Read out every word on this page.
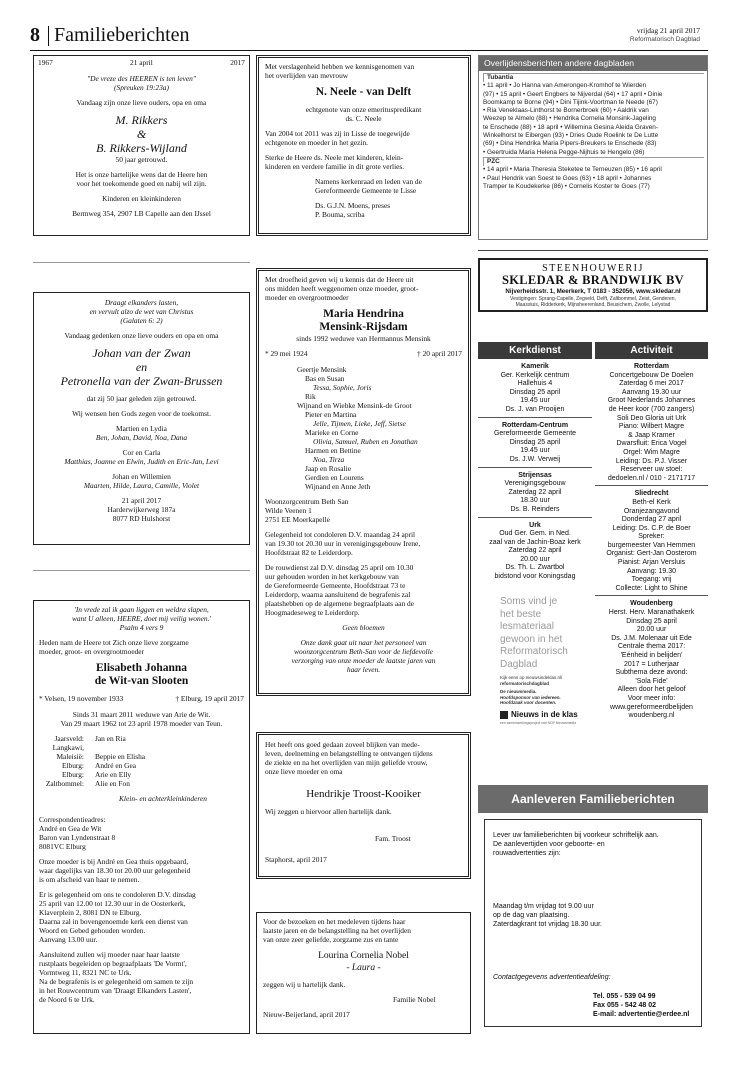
8 Familieberichten	vrijdag 21 april 2017
Reformatorisch Dagblad
1967	21 april	2017

"De vreze des HEEREN is ten leven"

(Spreuken 19:23a)

Vandaag zijn onze lieve ouders, opa en oma

M. Rikkers

&

B. Rikkers-Wijland

50 jaar getrouwd.

Het is onze hartelijke wens dat de Heere hen

voor het toekomende goed en nabij wil zijn.

Kinderen en kleinkinderen

Bermweg 354, 2907 LB Capelle aan den IJssel

Met verslagenheid hebben we kennisgenomen van

het overlijden van mevrouw

N. Neele - van Delft

echtgenote van onze emerituspredikant

ds. C. Neele

Van 2004 tot 2011 was zij in Lisse de toegewijde

echtgenote en moeder in het gezin.

Sterke de Heere ds. Neele met kinderen, klein-

kinderen en verdere familie in dit grote verlies.

Namens kerkenraad en leden van de

Gereformeerde Gemeente te Lisse

Ds. G.J.N. Moens, preses

P. Bouma, scriba

Draagt elkanders lasten,

en vervult alzo de wet van Christus

(Galaten 6: 2)

Vandaag gedenken onze lieve ouders en opa en oma

Johan van der Zwan

en

Petronella van der Zwan-Brussen

dat zij 50 jaar geleden zijn getrouwd.

Wij wensen hen Gods zegen voor de toekomst.

Martien en Lydia

Ben, Johan, David, Noa, Dana

Cor en Carla

Matthias, Joanne en Elwin, Judith en Eric-Jan, Levi

Johan en Willemien

Maarten, Hilde, Laura, Camille, Violet

21 april 2017

Harderwijkerweg 187a

8077 RD Hulshorst

Met droefheid geven wij u kennis dat de Heere uit

ons midden heeft weggenomen onze moeder, groot-

moeder en overgrootmoeder

Maria Hendrina

Mensink-Rijsdam

sinds 1992 weduwe van Hermannus Mensink

* 29 mei 1924	† 20 april 2017

Geertje Mensink

Bas en Susan

Tessa, Sophie, Joris

Rik

Wijnand en Wiebke Mensink-de Groot

Pieter en Martina

Jelle, Tijmen, Lieke, Jeff, Sietse

Marieke en Corne

Olivia, Samuel, Ruben en Jonathan

Harmen en Bettine

Noa, Tirza

Jaap en Rosalie

Gerdien en Lourens

Wijnand en Anne Jeth

Woonzorgcentrum Beth San

Wilde Veenen 1

2751 EE Moerkapelle

Gelegenheid tot condoleren D.V. maandag 24 april

van 19.30 tot 20.30 uur in verenigingsgebouw Irene,

Hoofdstraat 82 te Leiderdorp.

De rouwdienst zal D.V. dinsdag 25 april om 10.30

uur gehouden worden in het kerkgebouw van

de Gereformeerde Gemeente, Hoofdstraat 73 te

Leiderdorp, waarna aansluitend de begrafenis zal

plaatshebben op de algemene begraafplaats aan de

Hoogmadeseweg te Leiderdorp.

Geen bloemen

Onze dank gaat uit naar het personeel van

woonzorgcentrum Beth-San voor de liefdevolle

verzorging van onze moeder de laatste jaren van

haar leven.

'In vrede zal ik gaan liggen en weldra slapen,

want U alleen, HEERE, doet mij veilig wonen.'

Psalm 4 vers 9

Heden nam de Heere tot Zich onze lieve zorgzame

moeder, groot- en overgrootmoeder

Elisabeth Johanna

de Wit-van Slooten

* Velsen, 19 november 1933	† Elburg, 19 april 2017

Sinds 31 maart 2011 weduwe van Arie de Wit.

Van 29 maart 1962 tot 23 april 1978 moeder van Teun.

Jaarsveld: Jan en Ria
Langkawi,
Maleisië: Beppie en Elisha
Elburg: André en Gea
Elburg: Arie en Elly
Zaltbommel: Alie en Fon

Klein- en achterkleinkinderen

Correspondentieadres:

André en Gea de Wit

Baron van Lyndenstraat 8

8081VC Elburg

Onze moeder is bij André en Gea thuis opgebaard,

waar dagelijks van 18.30 tot 20.00 uur gelegenheid

is om afscheid van haar te nemen.

Er is gelegenheid om ons te condoleren D.V. dinsdag

25 april van 12.00 tot 12.30 uur in de Oosterkerk,

Klaverplein 2, 8081 DN te Elburg.

Daarna zal in bovengenoemde kerk een dienst van

Woord en Gebed gehouden worden.

Aanvang 13.00 uur.

Aansluitend zullen wij moeder naar haar laatste

rustplaats begeleiden op begraafplaats 'De Vormt',

Vormtweg 11, 8321 NC te Urk.

Na de begrafenis is er gelegenheid om samen te zijn

in het Rouwcentrum van 'Draagt Elkanders Lasten',

de Noord 6 te Urk.

Het heeft ons goed gedaan zoveel blijken van mede-

leven, deelneming en belangstelling te ontvangen tijdens

de ziekte en na het overlijden van mijn geliefde vrouw,

onze lieve moeder en oma

Hendrikje Troost-Kooiker

Wij zeggen u hiervoor allen hartelijk dank.

Fam. Troost

Staphorst, april 2017

Voor de bezoeken en het medeleven tijdens haar

laatste jaren en de belangstelling na het overlijden

van onze zeer geliefde, zorgzame zus en tante

Lourina Cornelia Nobel

- Laura -

zeggen wij u hartelijk dank.

Familie Nobel

Nieuw-Beijerland, april 2017

Overlijdensberichten andere dagbladen

Tubantia

• 11 april • Jo Hanna van Amerongen-Kromhof te Wierden

(97) • 15 april • Geert Engbers te Nijverdal (64) • 17 april • Dinie

Boomkamp te Borne (94) • Dini Tijink-Voortman te Neede (67)

• Ria Veneklaas-Linthorst te Bornerbroek (60) • Aaldrik van

Weezep te Almelo (88) • Hendrika Cornelia Monsink-Jageling

te Enschede (88) • 18 april • Willemina Gesina Aleida Graven-

Winkelhorst te Eibergen (93) • Dries Oude Roelink te De Lutte

(69) • Dina Hendrika Maria Pipers-Breukers te Enschede (83)

• Geertruida Maria Helena Pegge-Nijhuis te Hengelo (86)

PZC

• 14 april • Maria Theresia Steketee te Terneuzen (85) • 16 april

• Paul Hendrik van Soest te Goes (63) • 18 april • Johannes

Tramper te Koudekerke (86) • Cornelis Koster te Goes (77)

STEENHOUWERIJ
SKLEDAR & BRANDWIJK BV
Nijverheidsstr. 1, Meerkerk, T 0183 - 352056, www.skledar.nl
Vestigingen: Sprang-Capelle, Zegveld, Delft, Zaltbommel, Zeist, Genderen,
Maassluis, Ridderkerk, Mijnsheerenland, Beusichem, Zwolle, Lelystad
Kerkdienst

Kamerik

Ger. Kerkelijk centrum

Hallehuis 4

Dinsdag 25 april

19.45 uur

Ds. J. van Prooijen

Rotterdam-Centrum

Gereformeerde Gemeente

Dinsdag 25 april

19.45 uur

Ds. J.W. Verweij

Strijensas

Verenigingsgebouw

Zaterdag 22 april

18.30 uur

Ds. B. Reinders

Urk

Oud Ger. Gem. in Ned.

zaal van de Jachin-Boaz kerk

Zaterdag 22 april

20.00 uur

Ds. Th. L. Zwartbol

bidstond voor Koningsdag

Activiteit

Rotterdam

Concertgebouw De Doelen

Zaterdag 6 mei 2017

Aanvang 19.30 uur

Groot Nederlands Johannes

de Heer koor (700 zangers)

Soli Deo Gloria uit Urk

Piano: Wilbert Magre

& Jaap Kramer

Dwarsfluit: Erica Vogel

Orgel: Wim Magre

Leiding: Ds. P.J. Visser

Reserveer uw stoel:

dedoelen.nl / 010 - 2171717

Sliedrecht

Beth-el Kerk

Oranjezangavond

Donderdag 27 april

Leiding: Ds. C.P. de Boer

Spreker:

burgemeester Van Hemmen

Organist: Gert-Jan Oosterom

Pianist: Arjan Versluis

Aanvang: 19.30

Toegang: vrij

Collecte: Light to Shine

Woudenberg

Herst. Herv. Maranathakerk

Dinsdag 25 april

20.00 uur

Ds. J.M. Molenaar uit Ede

Centrale thema 2017:

'Eénheid in belijden'

2017 = Lutherjaar

Subthema deze avond:

'Sola Fide'

Alleen door het geloof

Voor meer info:

www.gereformeerdbelijden

woudenberg.nl

Soms vind je

het beste

lesmateriaal

gewoon in het

Reformatorisch

Dagblad

Kijk eens op nieuwsindeklas.nl/

reformatorischdagblad

De nieuwsmedia.

Hoofdsponsor van iedereen.

Hoofdzaak voor docenten.

Nieuws in de klas
een samenwerkingsproject van NDP Nieuwsmedia
Aanleveren Familieberichten

Lever uw familieberichten bij voorkeur schriftelijk aan.

De aanlevertijden voor geboorte- en

rouwadvertenties zijn:

Maandag t/m vrijdag tot 9.00 uur

op de dag van plaatsing.

Zaterdagkrant tot vrijdag 18.30 uur.

Contactgegevens advertentieafdeling:

Tel. 055 - 539 04 99

Fax 055 - 542 48 02

E-mail: advertentie@erdee.nl
